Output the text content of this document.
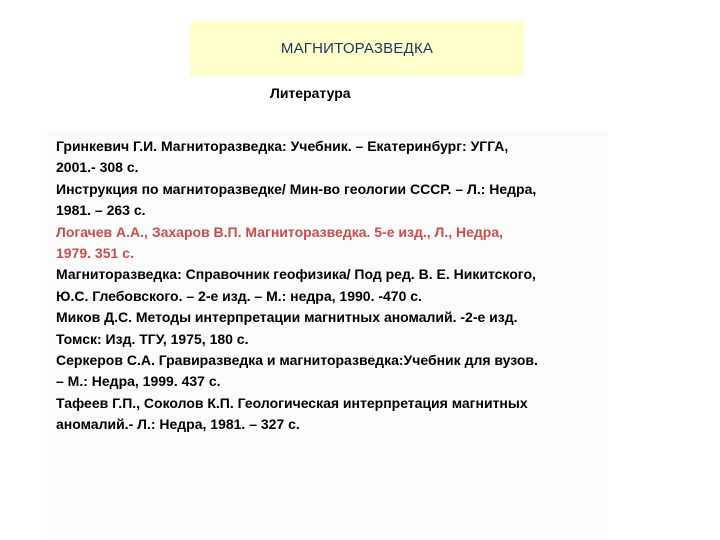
МАГНИТОРАЗВЕДКА
Литература
Гринкевич Г.И. Магниторазведка: Учебник. – Екатеринбург: УГГА,
2001.- 308 с.
Инструкция по магниторазведке/ Мин-во геологии СССР. – Л.: Недра,
1981. – 263 с.
Логачев А.А., Захаров В.П. Магниторазведка. 5-е изд., Л., Недра,
1979. 351 с.
Магниторазведка: Справочник геофизика/ Под ред. В. Е. Никитского,
Ю.С. Глебовского. – 2-е изд. – М.: недра, 1990. -470 с.
Миков Д.С. Методы интерпретации магнитных аномалий. -2-е изд.
Томск: Изд. ТГУ, 1975, 180 с.
Серкеров С.А. Гравиразведка и магниторазведка:Учебник для вузов.
– М.: Недра, 1999. 437 с.
Тафеев Г.П., Соколов К.П. Геологическая интерпретация магнитных
аномалий.- Л.: Недра, 1981. – 327 с.
